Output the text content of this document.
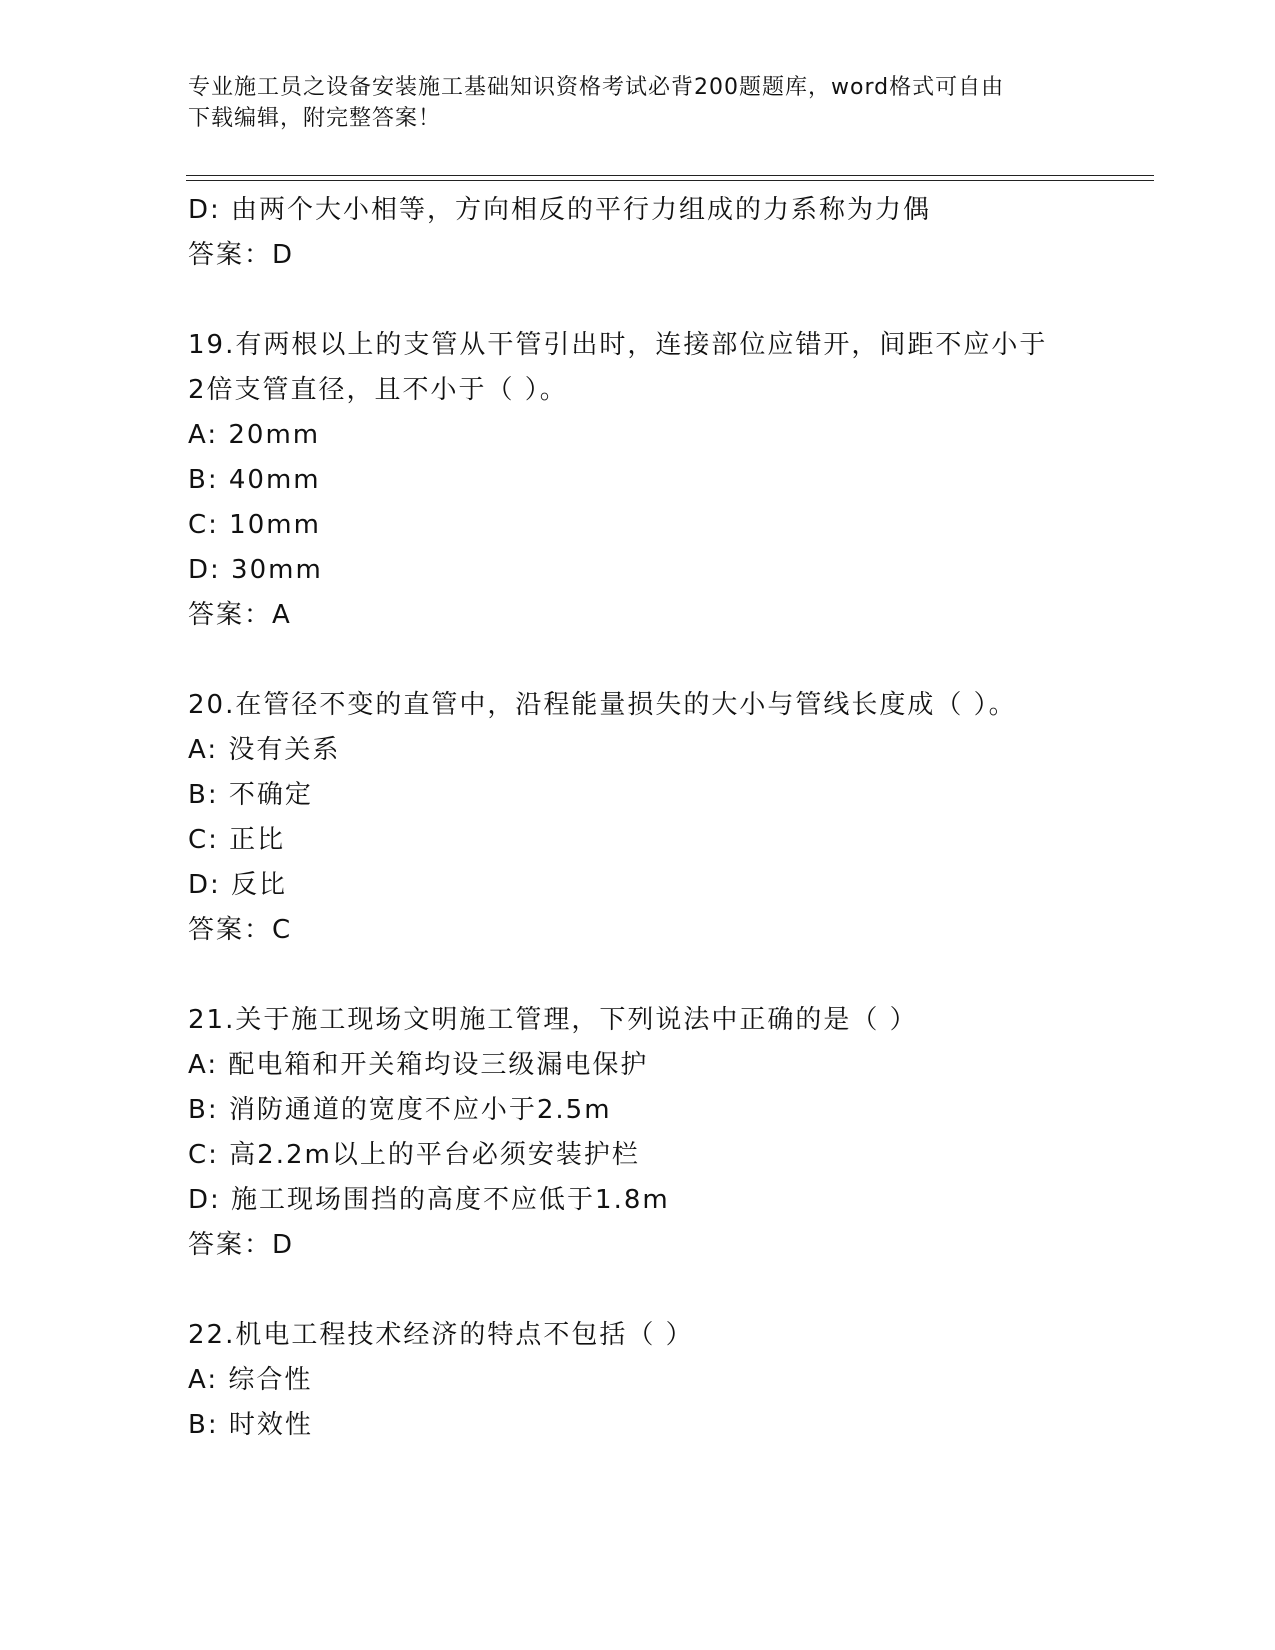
专业施工员之设备安装施工基础知识资格考试必背200题题库，word格式可自由
下载编辑，附完整答案！
D: 由两个大小相等，方向相反的平行力组成的力系称为力偶
答案：D
19.有两根以上的支管从干管引出时，连接部位应错开，间距不应小于
2倍支管直径，且不小于（ ）。
A: 20mm
B: 40mm
C: 10mm
D: 30mm
答案：A
20.在管径不变的直管中，沿程能量损失的大小与管线长度成（ ）。
A: 没有关系
B: 不确定
C: 正比
D: 反比
答案：C
21.关于施工现场文明施工管理，下列说法中正确的是（ ）
A: 配电箱和开关箱均设三级漏电保护
B: 消防通道的宽度不应小于2.5m
C: 高2.2m以上的平台必须安装护栏
D: 施工现场围挡的高度不应低于1.8m
答案：D
22.机电工程技术经济的特点不包括（ ）
A: 综合性
B: 时效性
